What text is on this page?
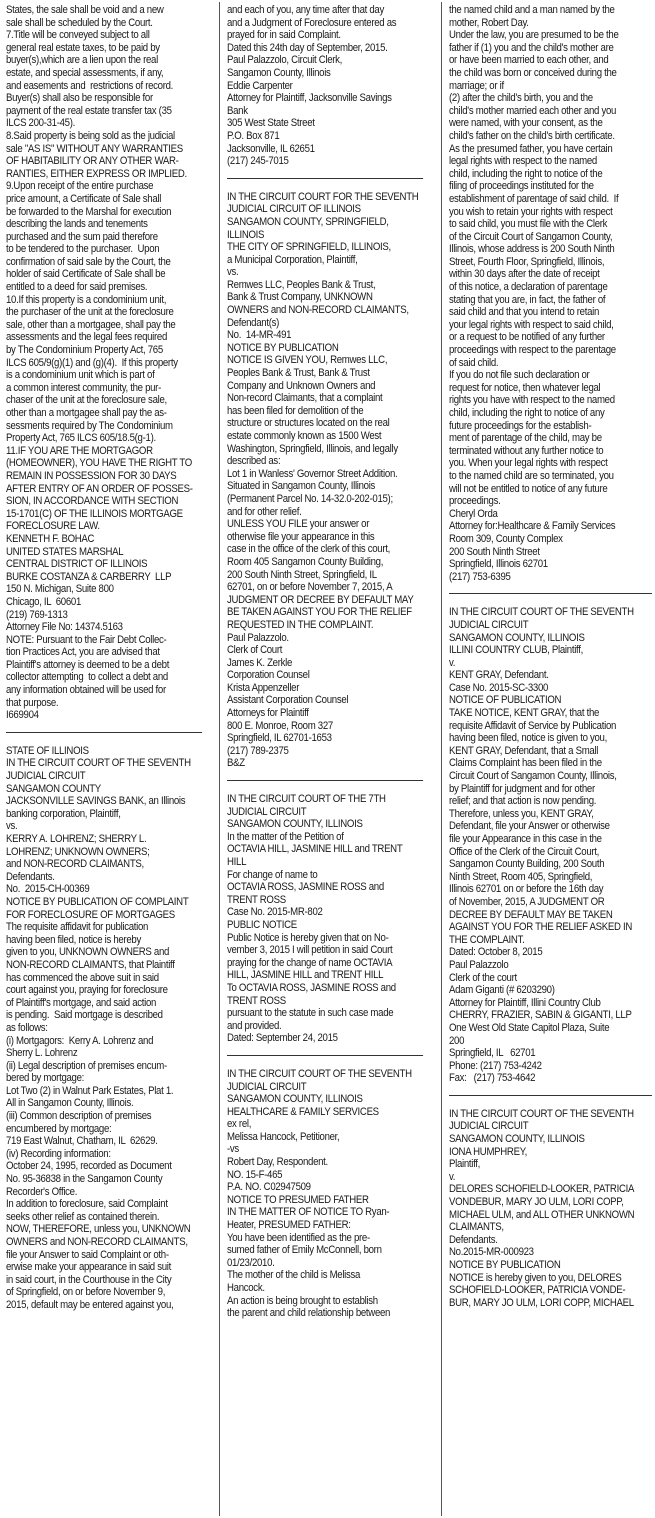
States, the sale shall be void and a new
sale shall be scheduled by the Court.
7.Title will be conveyed subject to all
general real estate taxes, to be paid by
buyer(s),which are a lien upon the real
estate, and special assessments, if any,
and easements and  restrictions of record.
Buyer(s) shall also be responsible for
payment of the real estate transfer tax (35
ILCS 200-31-45).
8.Said property is being sold as the judicial
sale "AS IS" WITHOUT ANY WARRANTIES
OF HABITABILITY OR ANY OTHER WAR-
RANTIES, EITHER EXPRESS OR IMPLIED.
9.Upon receipt of the entire purchase
price amount, a Certificate of Sale shall
be forwarded to the Marshal for execution
describing the lands and tenements
purchased and the sum paid therefore
to be tendered to the purchaser.  Upon
confirmation of said sale by the Court, the
holder of said Certificate of Sale shall be
entitled to a deed for said premises.
10.If this property is a condominium unit,
the purchaser of the unit at the foreclosure
sale, other than a mortgagee, shall pay the
assessments and the legal fees required
by The Condominium Property Act, 765
ILCS 605/9(g)(1) and (g)(4).  If this property
is a condominium unit which is part of
a common interest community, the pur-
chaser of the unit at the foreclosure sale,
other than a mortgagee shall pay the as-
sessments required by The Condominium
Property Act, 765 ILCS 605/18.5(g-1).
11.IF YOU ARE THE MORTGAGOR
(HOMEOWNER), YOU HAVE THE RIGHT TO
REMAIN IN POSSESSION FOR 30 DAYS
AFTER ENTRY OF AN ORDER OF POSSES-
SION, IN ACCORDANCE WITH SECTION
15-1701(C) OF THE ILLINOIS MORTGAGE
FORECLOSURE LAW.
KENNETH F. BOHAC
UNITED STATES MARSHAL
CENTRAL DISTRICT OF ILLINOIS
BURKE COSTANZA & CARBERRY  LLP
150 N. Michigan, Suite 800
Chicago, IL  60601
(219) 769-1313
Attorney File No: 14374.5163
NOTE: Pursuant to the Fair Debt Collec-
tion Practices Act, you are advised that
Plaintiff's attorney is deemed to be a debt
collector attempting  to collect a debt and
any information obtained will be used for
that purpose.
I669904
STATE OF ILLINOIS
IN THE CIRCUIT COURT OF THE SEVENTH
JUDICIAL CIRCUIT
SANGAMON COUNTY
JACKSONVILLE SAVINGS BANK, an Illinois
banking corporation, Plaintiff,
vs.
KERRY A. LOHRENZ; SHERRY L.
LOHRENZ; UNKNOWN OWNERS;
and NON-RECORD CLAIMANTS,
Defendants.
No.  2015-CH-00369
NOTICE BY PUBLICATION OF COMPLAINT
FOR FORECLOSURE OF MORTGAGES
The requisite affidavit for publication
having been filed, notice is hereby
given to you, UNKNOWN OWNERS and
NON-RECORD CLAIMANTS, that Plaintiff
has commenced the above suit in said
court against you, praying for foreclosure
of Plaintiff's mortgage, and said action
is pending.  Said mortgage is described
as follows:
(i) Mortgagors:  Kerry A. Lohrenz and
Sherry L. Lohrenz
(ii) Legal description of premises encum-
bered by mortgage:
Lot Two (2) in Walnut Park Estates, Plat 1.
All in Sangamon County, Illinois.
(iii) Common description of premises
encumbered by mortgage:
719 East Walnut, Chatham, IL  62629.
(iv) Recording information:
October 24, 1995, recorded as Document
No. 95-36838 in the Sangamon County
Recorder's Office.
In addition to foreclosure, said Complaint
seeks other relief as contained therein.
NOW, THEREFORE, unless you, UNKNOWN
OWNERS and NON-RECORD CLAIMANTS,
file your Answer to said Complaint or oth-
erwise make your appearance in said suit
in said court, in the Courthouse in the City
of Springfield, on or before November 9,
2015, default may be entered against you,
and each of you, any time after that day
and a Judgment of Foreclosure entered as
prayed for in said Complaint.
Dated this 24th day of September, 2015.
Paul Palazzolo, Circuit Clerk,
Sangamon County, Illinois
Eddie Carpenter
Attorney for Plaintiff, Jacksonville Savings
Bank
305 West State Street
P.O. Box 871
Jacksonville, IL 62651
(217) 245-7015
IN THE CIRCUIT COURT FOR THE SEVENTH
JUDICIAL CIRCUIT OF ILLINOIS
SANGAMON COUNTY, SPRINGFIELD,
ILLINOIS
THE CITY OF SPRINGFIELD, ILLINOIS,
a Municipal Corporation, Plaintiff,
vs.
Remwes LLC, Peoples Bank & Trust,
Bank & Trust Company, UNKNOWN
OWNERS and NON-RECORD CLAIMANTS,
Defendant(s)
No.  14-MR-491
NOTICE BY PUBLICATION
NOTICE IS GIVEN YOU, Remwes LLC,
Peoples Bank & Trust, Bank & Trust
Company and Unknown Owners and
Non-record Claimants, that a complaint
has been filed for demolition of the
structure or structures located on the real
estate commonly known as 1500 West
Washington, Springfield, Illinois, and legally
described as:
Lot 1 in Wanless' Governor Street Addition.
Situated in Sangamon County, Illinois
(Permanent Parcel No. 14-32.0-202-015);
and for other relief.
UNLESS YOU FILE your answer or
otherwise file your appearance in this
case in the office of the clerk of this court,
Room 405 Sangamon County Building,
200 South Ninth Street, Springfield, IL
62701, on or before November 7, 2015, A
JUDGMENT OR DECREE BY DEFAULT MAY
BE TAKEN AGAINST YOU FOR THE RELIEF
REQUESTED IN THE COMPLAINT.
Paul Palazzolo.
Clerk of Court
James K. Zerkle
Corporation Counsel
Krista Appenzeller
Assistant Corporation Counsel
Attorneys for Plaintiff
800 E. Monroe, Room 327
Springfield, IL 62701-1653
(217) 789-2375
B&Z
IN THE CIRCUIT COURT OF THE 7TH
JUDICIAL CIRCUIT
SANGAMON COUNTY, ILLINOIS
In the matter of the Petition of
OCTAVIA HILL, JASMINE HILL and TRENT
HILL
For change of name to
OCTAVIA ROSS, JASMINE ROSS and
TRENT ROSS
Case No. 2015-MR-802
PUBLIC NOTICE
Public Notice is hereby given that on No-
vember 3, 2015 I will petition in said Court
praying for the change of name OCTAVIA
HILL, JASMINE HILL and TRENT HILL
To OCTAVIA ROSS, JASMINE ROSS and
TRENT ROSS
pursuant to the statute in such case made
and provided.
Dated: September 24, 2015
IN THE CIRCUIT COURT OF THE SEVENTH
JUDICIAL CIRCUIT
SANGAMON COUNTY, ILLINOIS
HEALTHCARE & FAMILY SERVICES
ex rel,
Melissa Hancock, Petitioner,
-vs
Robert Day, Respondent.
NO. 15-F-465
P.A. NO. C02947509
NOTICE TO PRESUMED FATHER
IN THE MATTER OF NOTICE TO Ryan-
Heater, PRESUMED FATHER:
You have been identified as the pre-
sumed father of Emily McConnell, born
01/23/2010.
The mother of the child is Melissa
Hancock.
An action is being brought to establish
the parent and child relationship between
the named child and a man named by the
mother, Robert Day.
Under the law, you are presumed to be the
father if (1) you and the child's mother are
or have been married to each other, and
the child was born or conceived during the
marriage; or if
(2) after the child's birth, you and the
child's mother married each other and you
were named, with your consent, as the
child's father on the child's birth certificate.
As the presumed father, you have certain
legal rights with respect to the named
child, including the right to notice of the
filing of proceedings instituted for the
establishment of parentage of said child.  If
you wish to retain your rights with respect
to said child, you must file with the Clerk
of the Circuit Court of Sangamon County,
Illinois, whose address is 200 South Ninth
Street, Fourth Floor, Springfield, Illinois,
within 30 days after the date of receipt
of this notice, a declaration of parentage
stating that you are, in fact, the father of
said child and that you intend to retain
your legal rights with respect to said child,
or a request to be notified of any further
proceedings with respect to the parentage
of said child.
If you do not file such declaration or
request for notice, then whatever legal
rights you have with respect to the named
child, including the right to notice of any
future proceedings for the establish-
ment of parentage of the child, may be
terminated without any further notice to
you. When your legal rights with respect
to the named child are so terminated, you
will not be entitled to notice of any future
proceedings.
Cheryl Orda
Attorney for:Healthcare & Family Services
Room 309, County Complex
200 South Ninth Street
Springfield, Illinois 62701
(217) 753-6395
IN THE CIRCUIT COURT OF THE SEVENTH
JUDICIAL CIRCUIT
SANGAMON COUNTY, ILLINOIS
ILLINI COUNTRY CLUB, Plaintiff,
v.
KENT GRAY, Defendant.
Case No. 2015-SC-3300
NOTICE OF PUBLICATION
TAKE NOTICE, KENT GRAY, that the
requisite Affidavit of Service by Publication
having been filed, notice is given to you,
KENT GRAY, Defendant, that a Small
Claims Complaint has been filed in the
Circuit Court of Sangamon County, Illinois,
by Plaintiff for judgment and for other
relief; and that action is now pending.
Therefore, unless you, KENT GRAY,
Defendant, file your Answer or otherwise
file your Appearance in this case in the
Office of the Clerk of the Circuit Court,
Sangamon County Building, 200 South
Ninth Street, Room 405, Springfield,
Illinois 62701 on or before the 16th day
of November, 2015, A JUDGMENT OR
DECREE BY DEFAULT MAY BE TAKEN
AGAINST YOU FOR THE RELIEF ASKED IN
THE COMPLAINT.
Dated: October 8, 2015
Paul Palazzolo
Clerk of the court
Adam Giganti (# 6203290)
Attorney for Plaintiff, Illini Country Club
CHERRY, FRAZIER, SABIN & GIGANTI, LLP
One West Old State Capitol Plaza, Suite
200
Springfield, IL   62701
Phone: (217) 753-4242
Fax:   (217) 753-4642
IN THE CIRCUIT COURT OF THE SEVENTH
JUDICIAL CIRCUIT
SANGAMON COUNTY, ILLINOIS
IONA HUMPHREY,
Plaintiff,
v.
DELORES SCHOFIELD-LOOKER, PATRICIA
VONDEBUR, MARY JO ULM, LORI COPP,
MICHAEL ULM, and ALL OTHER UNKNOWN
CLAIMANTS,
Defendants.
No.2015-MR-000923
NOTICE BY PUBLICATION
NOTICE is hereby given to you, DELORES
SCHOFIELD-LOOKER, PATRICIA VONDE-
BUR, MARY JO ULM, LORI COPP, MICHAEL
